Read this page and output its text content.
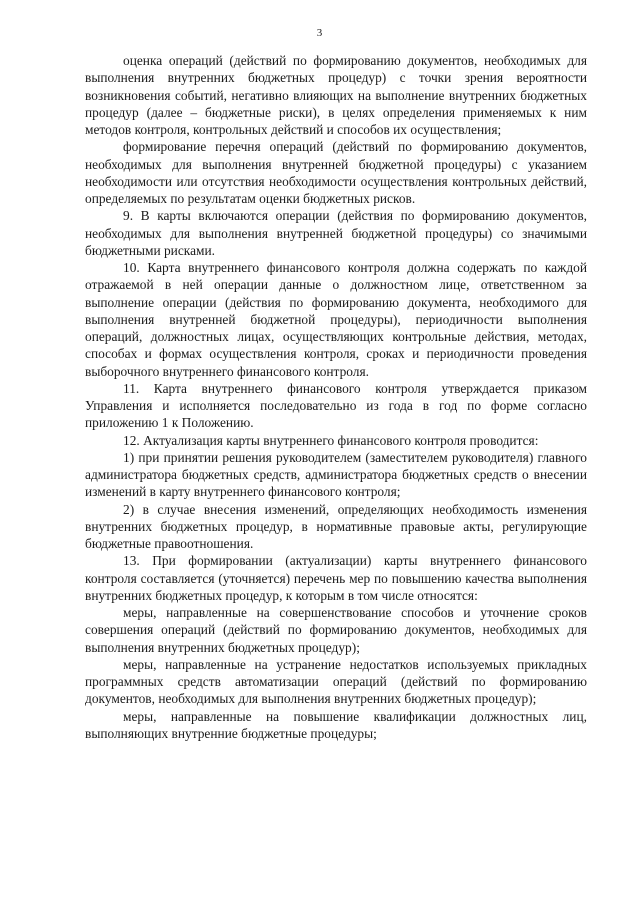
3

оценка операций (действий по формированию документов, необходимых для выполнения внутренних бюджетных процедур) с точки зрения вероятности возникновения событий, негативно влияющих на выполнение внутренних бюджетных процедур (далее – бюджетные риски), в целях определения применяемых к ним методов контроля, контрольных действий и способов их осуществления;

формирование перечня операций (действий по формированию документов, необходимых для выполнения внутренней бюджетной процедуры) с указанием необходимости или отсутствия необходимости осуществления контрольных действий, определяемых по результатам оценки бюджетных рисков.

9. В карты включаются операции (действия по формированию документов, необходимых для выполнения внутренней бюджетной процедуры) со значимыми бюджетными рисками.

10. Карта внутреннего финансового контроля должна содержать по каждой отражаемой в ней операции данные о должностном лице, ответственном за выполнение операции (действия по формированию документа, необходимого для выполнения внутренней бюджетной процедуры), периодичности выполнения операций, должностных лицах, осуществляющих контрольные действия, методах, способах и формах осуществления контроля, сроках и периодичности проведения выборочного внутреннего финансового контроля.

11. Карта внутреннего финансового контроля утверждается приказом Управления и исполняется последовательно из года в год по форме согласно приложению 1 к Положению.

12. Актуализация карты внутреннего финансового контроля проводится:

1) при принятии решения руководителем (заместителем руководителя) главного администратора бюджетных средств, администратора бюджетных средств о внесении изменений в карту внутреннего финансового контроля;

2) в случае внесения изменений, определяющих необходимость изменения внутренних бюджетных процедур, в нормативные правовые акты, регулирующие бюджетные правоотношения.

13. При формировании (актуализации) карты внутреннего финансового контроля составляется (уточняется) перечень мер по повышению качества выполнения внутренних бюджетных процедур, к которым в том числе относятся:

меры, направленные на совершенствование способов и уточнение сроков совершения операций (действий по формированию документов, необходимых для выполнения внутренних бюджетных процедур);

меры, направленные на устранение недостатков используемых прикладных программных средств автоматизации операций (действий по формированию документов, необходимых для выполнения внутренних бюджетных процедур);

меры, направленные на повышение квалификации должностных лиц, выполняющих внутренние бюджетные процедуры;
